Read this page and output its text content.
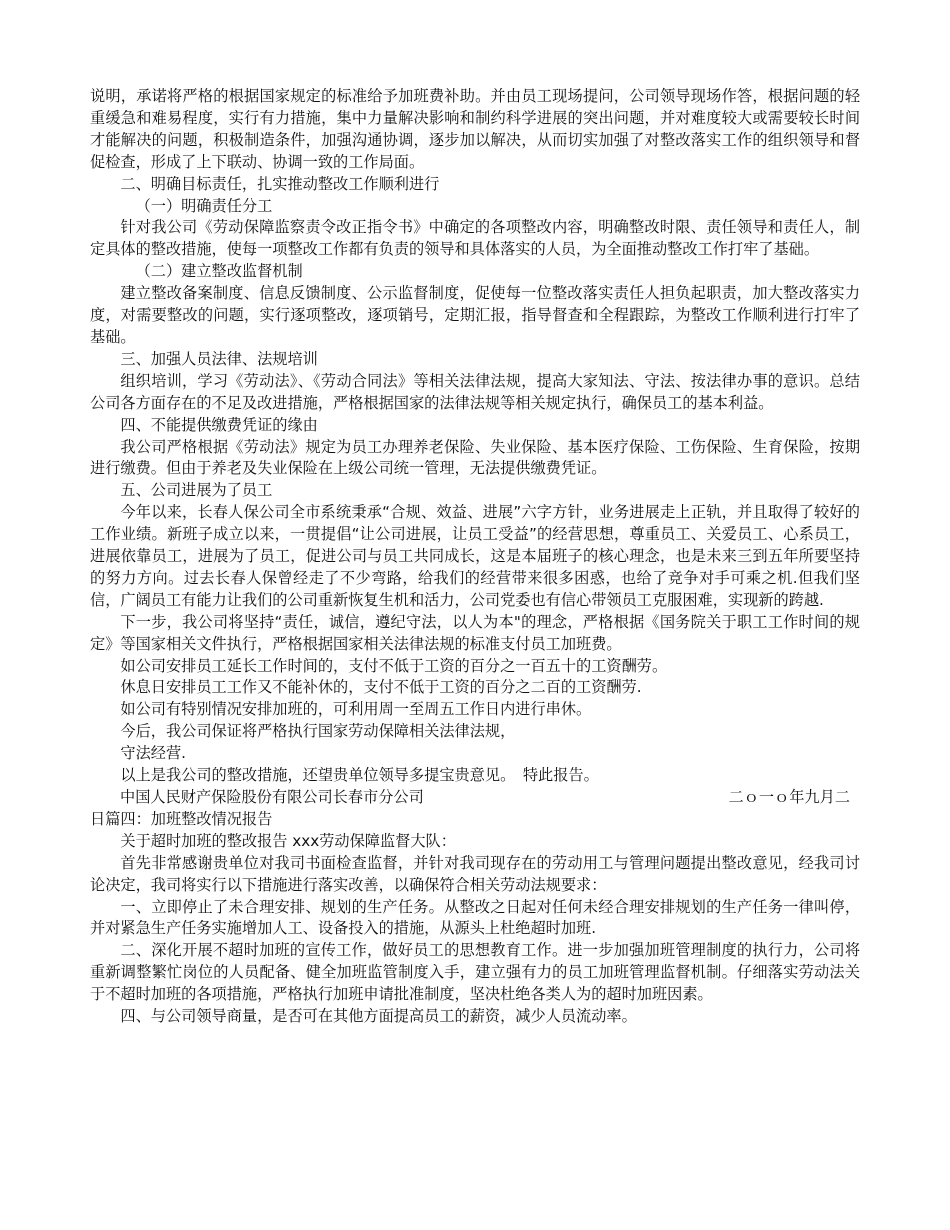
说明，承诺将严格的根据国家规定的标准给予加班费补助。并由员工现场提问，公司领导现场作答，根据问题的轻重缓急和难易程度，实行有力措施，集中力量解决影响和制约科学进展的突出问题，并对难度较大或需要较长时间才能解决的问题，积极制造条件，加强沟通协调，逐步加以解决，从而切实加强了对整改落实工作的组织领导和督促检查，形成了上下联动、协调一致的工作局面。

二、明确目标责任，扎实推动整改工作顺利进行

（一）明确责任分工

针对我公司《劳动保障监察责令改正指令书》中确定的各项整改内容，明确整改时限、责任领导和责任人，制定具体的整改措施，使每一项整改工作都有负责的领导和具体落实的人员，为全面推动整改工作打牢了基础。

（二）建立整改监督机制

建立整改备案制度、信息反馈制度、公示监督制度，促使每一位整改落实责任人担负起职责，加大整改落实力度，对需要整改的问题，实行逐项整改，逐项销号，定期汇报，指导督查和全程跟踪，为整改工作顺利进行打牢了基础。

三、加强人员法律、法规培训

组织培训，学习《劳动法》、《劳动合同法》等相关法律法规，提高大家知法、守法、按法律办事的意识。总结公司各方面存在的不足及改进措施，严格根据国家的法律法规等相关规定执行，确保员工的基本利益。

四、不能提供缴费凭证的缘由

我公司严格根据《劳动法》规定为员工办理养老保险、失业保险、基本医疗保险、工伤保险、生育保险，按期进行缴费。但由于养老及失业保险在上级公司统一管理，无法提供缴费凭证。

五、公司进展为了员工

今年以来，长春人保公司全市系统秉承“合规、效益、进展”六字方针，业务进展走上正轨，并且取得了较好的工作业绩。新班子成立以来，一贯提倡“让公司进展，让员工受益”的经营思想，尊重员工、关爱员工、心系员工，进展依靠员工，进展为了员工，促进公司与员工共同成长，这是本届班子的核心理念，也是未来三到五年所要坚持的努力方向。过去长春人保曾经走了不少弯路，给我们的经营带来很多困惑，也给了竞争对手可乘之机.但我们坚信，广阔员工有能力让我们的公司重新恢复生机和活力，公司党委也有信心带领员工克服困难，实现新的跨越.

下一步，我公司将坚持“责任，诚信，遵纪守法，以人为本"的理念，严格根据《国务院关于职工工作时间的规定》等国家相关文件执行，严格根据国家相关法律法规的标准支付员工加班费。

如公司安排员工延长工作时间的，支付不低于工资的百分之一百五十的工资酬劳。

休息日安排员工工作又不能补休的，支付不低于工资的百分之二百的工资酬劳.

如公司有特别情况安排加班的，可利用周一至周五工作日内进行串休。

今后，我公司保证将严格执行国家劳动保障相关法律法规，

守法经营.

以上是我公司的整改措施，还望贵单位领导多提宝贵意见。　特此报告。

中国人民财产保险股份有限公司长春市分公司	二ｏ一ｏ年九月二

日篇四：加班整改情况报告

关于超时加班的整改报告 xxx劳动保障监督大队：

首先非常感谢贵单位对我司书面检查监督，并针对我司现存在的劳动用工与管理问题提出整改意见，经我司讨论决定，我司将实行以下措施进行落实改善，以确保符合相关劳动法规要求：

一、立即停止了未合理安排、规划的生产任务。从整改之日起对任何未经合理安排规划的生产任务一律叫停，并对紧急生产任务实施增加人工、设备投入的措施，从源头上杜绝超时加班.

二、深化开展不超时加班的宣传工作，做好员工的思想教育工作。进一步加强加班管理制度的执行力，公司将重新调整繁忙岗位的人员配备、健全加班监管制度入手，建立强有力的员工加班管理监督机制。仔细落实劳动法关于不超时加班的各项措施，严格执行加班申请批准制度，坚决杜绝各类人为的超时加班因素。

四、与公司领导商量，是否可在其他方面提高员工的薪资，减少人员流动率。
